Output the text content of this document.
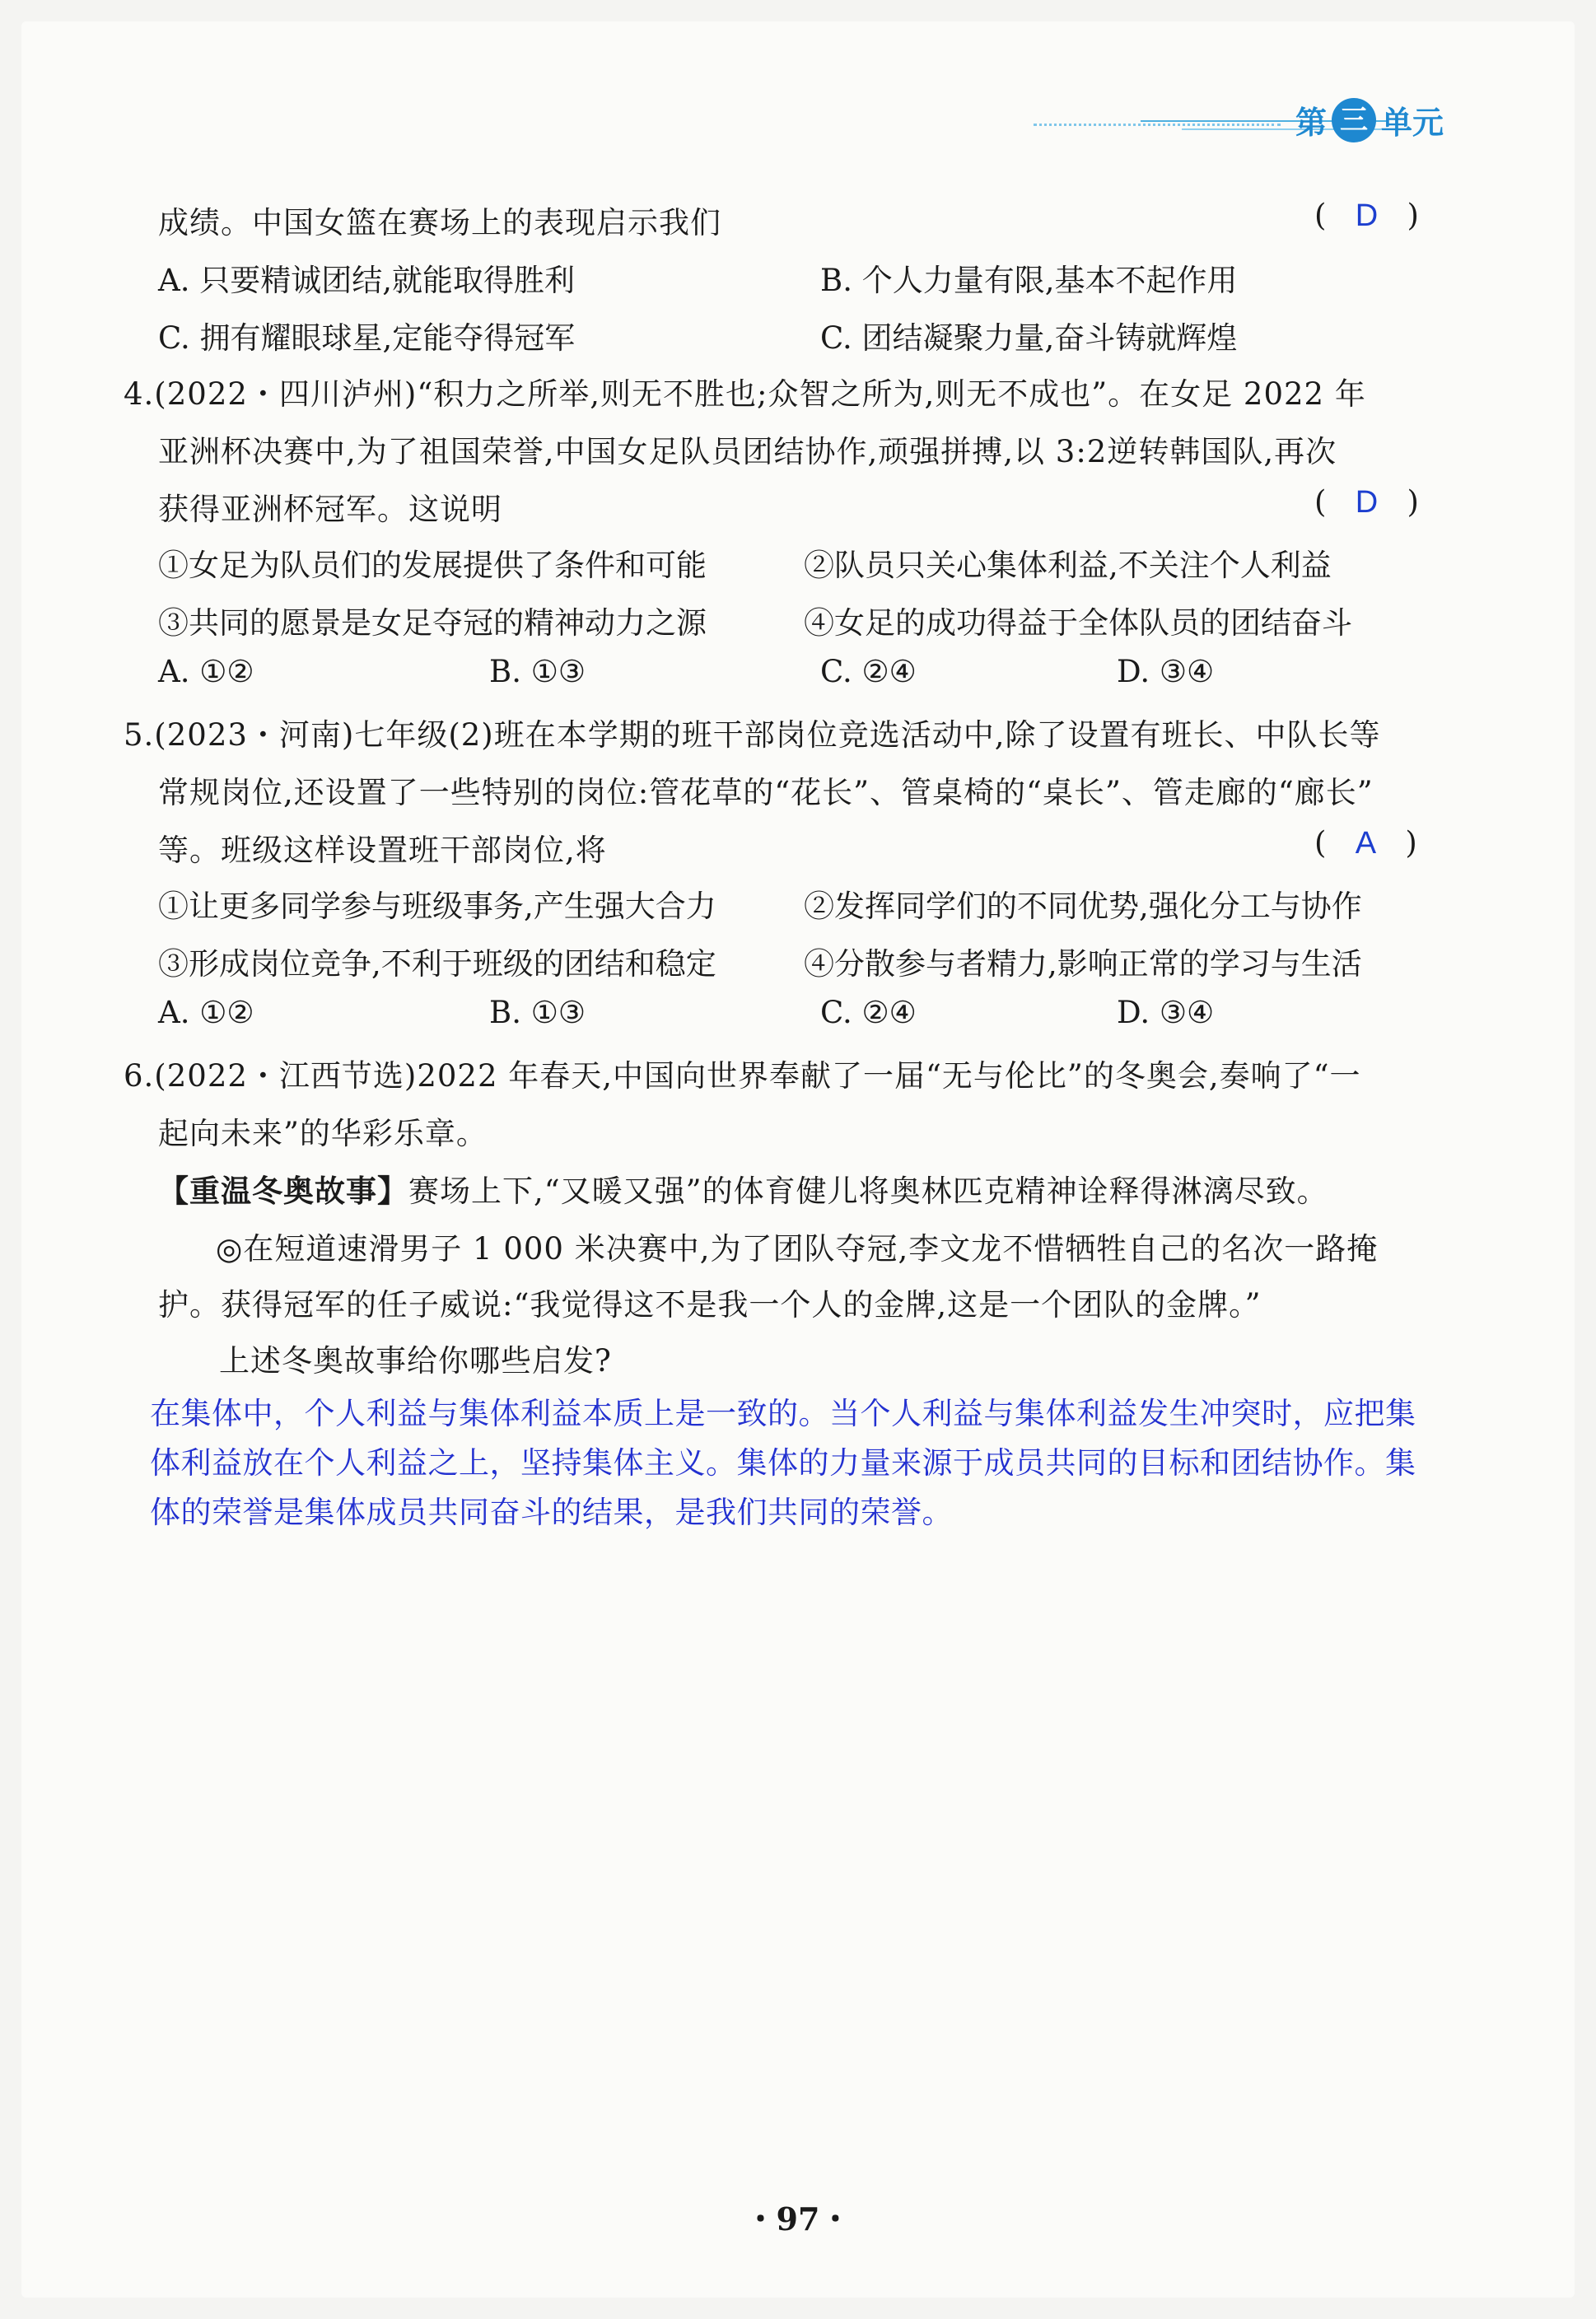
第 三 单元
成绩。中国女篮在赛场上的表现启示我们	(   D   )
A. 只要精诚团结,就能取得胜利	B. 个人力量有限,基本不起作用
C. 拥有耀眼球星,定能夺得冠军	C. 团结凝聚力量,奋斗铸就辉煌
4.(2022・四川泸州)“积力之所举,则无不胜也;众智之所为,则无不成也”。在女足 2022 年
亚洲杯决赛中,为了祖国荣誉,中国女足队员团结协作,顽强拼搏,以 3:2逆转韩国队,再次
获得亚洲杯冠军。这说明	(   D   )
①女足为队员们的发展提供了条件和可能	②队员只关心集体利益,不关注个人利益
③共同的愿景是女足夺冠的精神动力之源	④女足的成功得益于全体队员的团结奋斗
A. ①②	B. ①③	C. ②④	D. ③④
5.(2023・河南)七年级(2)班在本学期的班干部岗位竞选活动中,除了设置有班长、中队长等
常规岗位,还设置了一些特别的岗位:管花草的“花长”、管桌椅的“桌长”、管走廊的“廊长”
等。班级这样设置班干部岗位,将	(   A   )
①让更多同学参与班级事务,产生强大合力	②发挥同学们的不同优势,强化分工与协作
③形成岗位竞争,不利于班级的团结和稳定	④分散参与者精力,影响正常的学习与生活
A. ①②	B. ①③	C. ②④	D. ③④
6.(2022・江西节选)2022 年春天,中国向世界奉献了一届“无与伦比”的冬奥会,奏响了“一
起向未来”的华彩乐章。
【重温冬奥故事】赛场上下,“又暖又强”的体育健儿将奥林匹克精神诠释得淋漓尽致。
◎在短道速滑男子 1 000 米决赛中,为了团队夺冠,李文龙不惜牺牲自己的名次一路掩
护。获得冠军的任子威说:“我觉得这不是我一个人的金牌,这是一个团队的金牌。”
上述冬奥故事给你哪些启发?
在集体中，个人利益与集体利益本质上是一致的。当个人利益与集体利益发生冲突时，应把集
体利益放在个人利益之上，坚持集体主义。集体的力量来源于成员共同的目标和团结协作。集
体的荣誉是集体成员共同奋斗的结果，是我们共同的荣誉。
・97・
